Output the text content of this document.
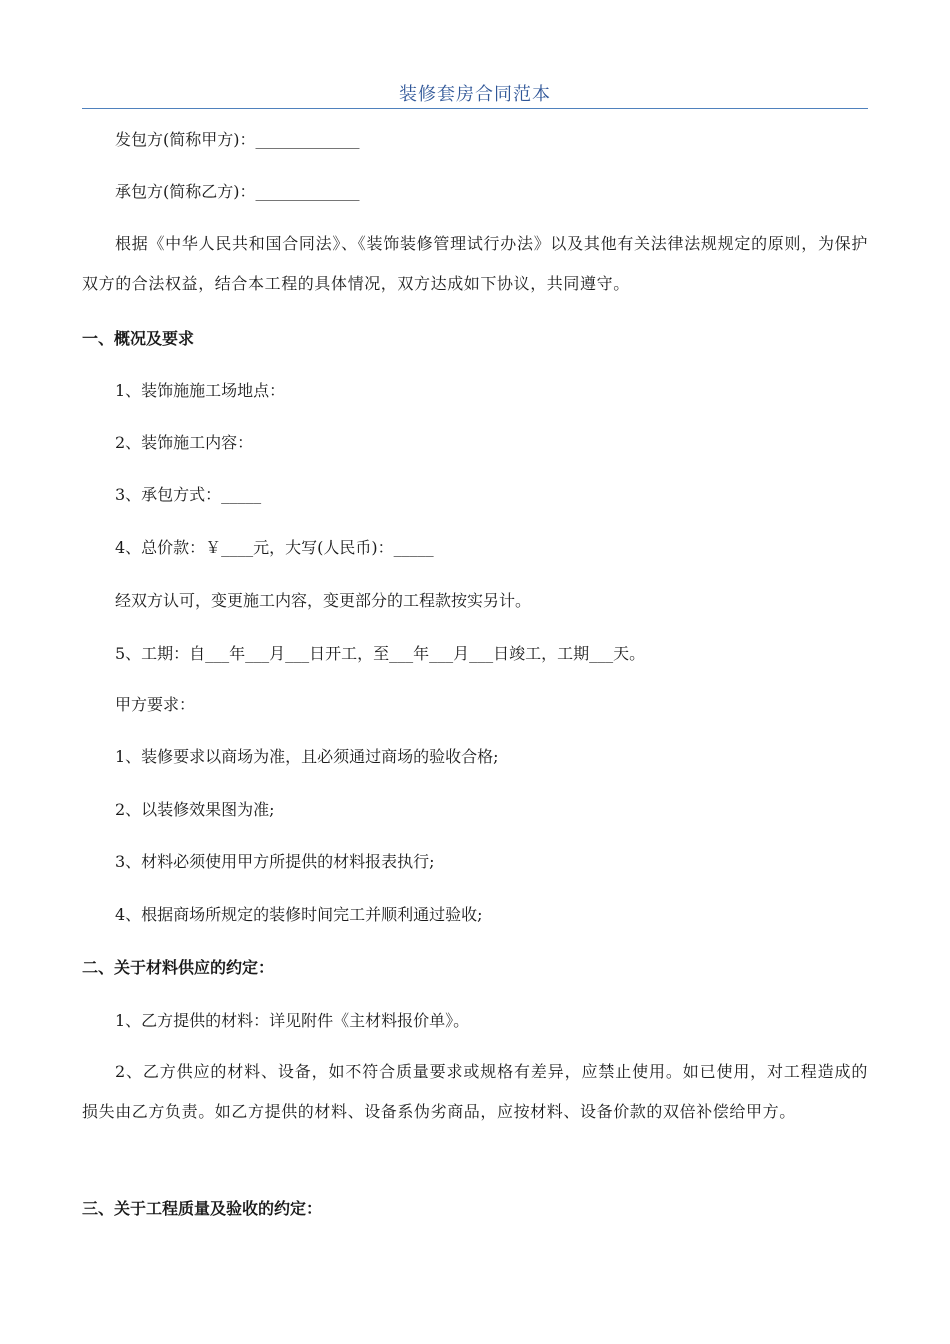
装修套房合同范本
发包方(简称甲方)：_____________
承包方(简称乙方)：_____________
根据《中华人民共和国合同法》、《装饰装修管理试行办法》以及其他有关法律法规规定的原则，为保护双方的合法权益，结合本工程的具体情况，双方达成如下协议，共同遵守。
一、概况及要求
1、装饰施施工场地点：
2、装饰施工内容：
3、承包方式：_____
4、总价款：￥____元，大写(人民币)：_____
经双方认可，变更施工内容，变更部分的工程款按实另计。
5、工期：自___年___月___日开工，至___年___月___日竣工，工期___天。
甲方要求：
1、装修要求以商场为准，且必须通过商场的验收合格;
2、以装修效果图为准;
3、材料必须使用甲方所提供的材料报表执行;
4、根据商场所规定的装修时间完工并顺利通过验收;
二、关于材料供应的约定：
1、乙方提供的材料：详见附件《主材料报价单》。
2、乙方供应的材料、设备，如不符合质量要求或规格有差异，应禁止使用。如已使用，对工程造成的损失由乙方负责。如乙方提供的材料、设备系伪劣商品，应按材料、设备价款的双倍补偿给甲方。
三、关于工程质量及验收的约定：
